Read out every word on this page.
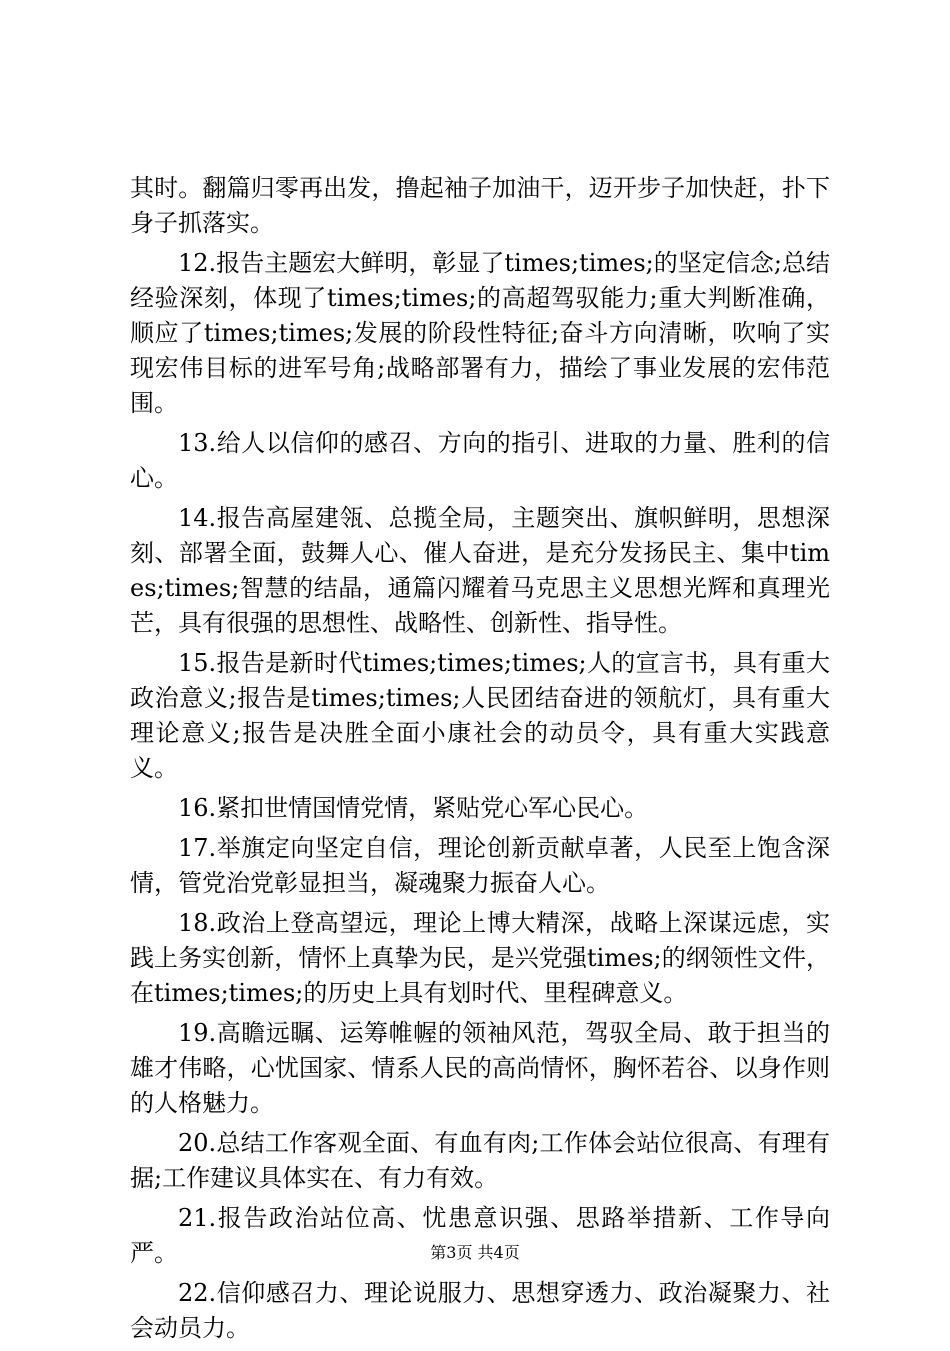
其时。翻篇归零再出发，撸起袖子加油干，迈开步子加快赶，扑下身子抓落实。

12.报告主题宏大鲜明，彰显了times;times;的坚定信念;总结经验深刻，体现了times;times;的高超驾驭能力;重大判断准确，顺应了times;times;发展的阶段性特征;奋斗方向清晰，吹响了实现宏伟目标的进军号角;战略部署有力，描绘了事业发展的宏伟范围。

13.给人以信仰的感召、方向的指引、进取的力量、胜利的信心。

14.报告高屋建瓴、总揽全局，主题突出、旗帜鲜明，思想深刻、部署全面，鼓舞人心、催人奋进，是充分发扬民主、集中times;times;智慧的结晶，通篇闪耀着马克思主义思想光辉和真理光芒，具有很强的思想性、战略性、创新性、指导性。

15.报告是新时代times;times;times;人的宣言书，具有重大政治意义;报告是times;times;人民团结奋进的领航灯，具有重大理论意义;报告是决胜全面小康社会的动员令，具有重大实践意义。

16.紧扣世情国情党情，紧贴党心军心民心。

17.举旗定向坚定自信，理论创新贡献卓著，人民至上饱含深情，管党治党彰显担当，凝魂聚力振奋人心。

18.政治上登高望远，理论上博大精深，战略上深谋远虑，实践上务实创新，情怀上真挚为民，是兴党强times;的纲领性文件，在times;times;的历史上具有划时代、里程碑意义。

19.高瞻远瞩、运筹帷幄的领袖风范，驾驭全局、敢于担当的雄才伟略，心忧国家、情系人民的高尚情怀，胸怀若谷、以身作则的人格魅力。

20.总结工作客观全面、有血有肉;工作体会站位很高、有理有据;工作建议具体实在、有力有效。

21.报告政治站位高、忧患意识强、思路举措新、工作导向严。

22.信仰感召力、理论说服力、思想穿透力、政治凝聚力、社会动员力。

第3页 共4页
